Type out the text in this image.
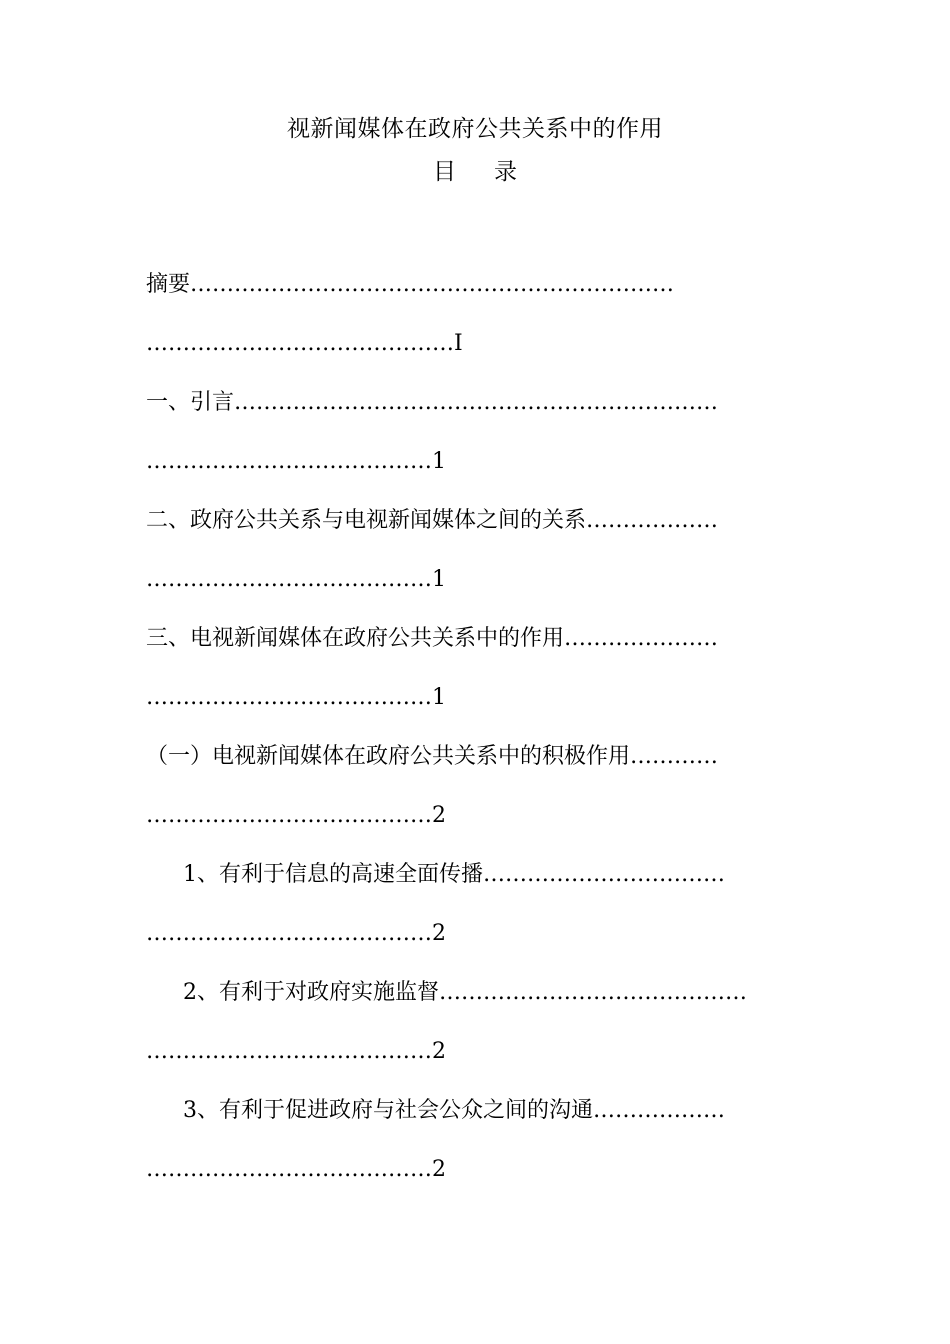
视新闻媒体在政府公共关系中的作用
目 录
摘要…………………………………………………………
……………………………………I
一、引言…………………………………………………………
…………………………………1
二、政府公共关系与电视新闻媒体之间的关系………………
…………………………………1
三、电视新闻媒体在政府公共关系中的作用…………………
…………………………………1
（一）电视新闻媒体在政府公共关系中的积极作用…………
…………………………………2
1、有利于信息的高速全面传播……………………………
…………………………………2
2、有利于对政府实施监督……………………………………
…………………………………2
3、有利于促进政府与社会公众之间的沟通………………
…………………………………2
